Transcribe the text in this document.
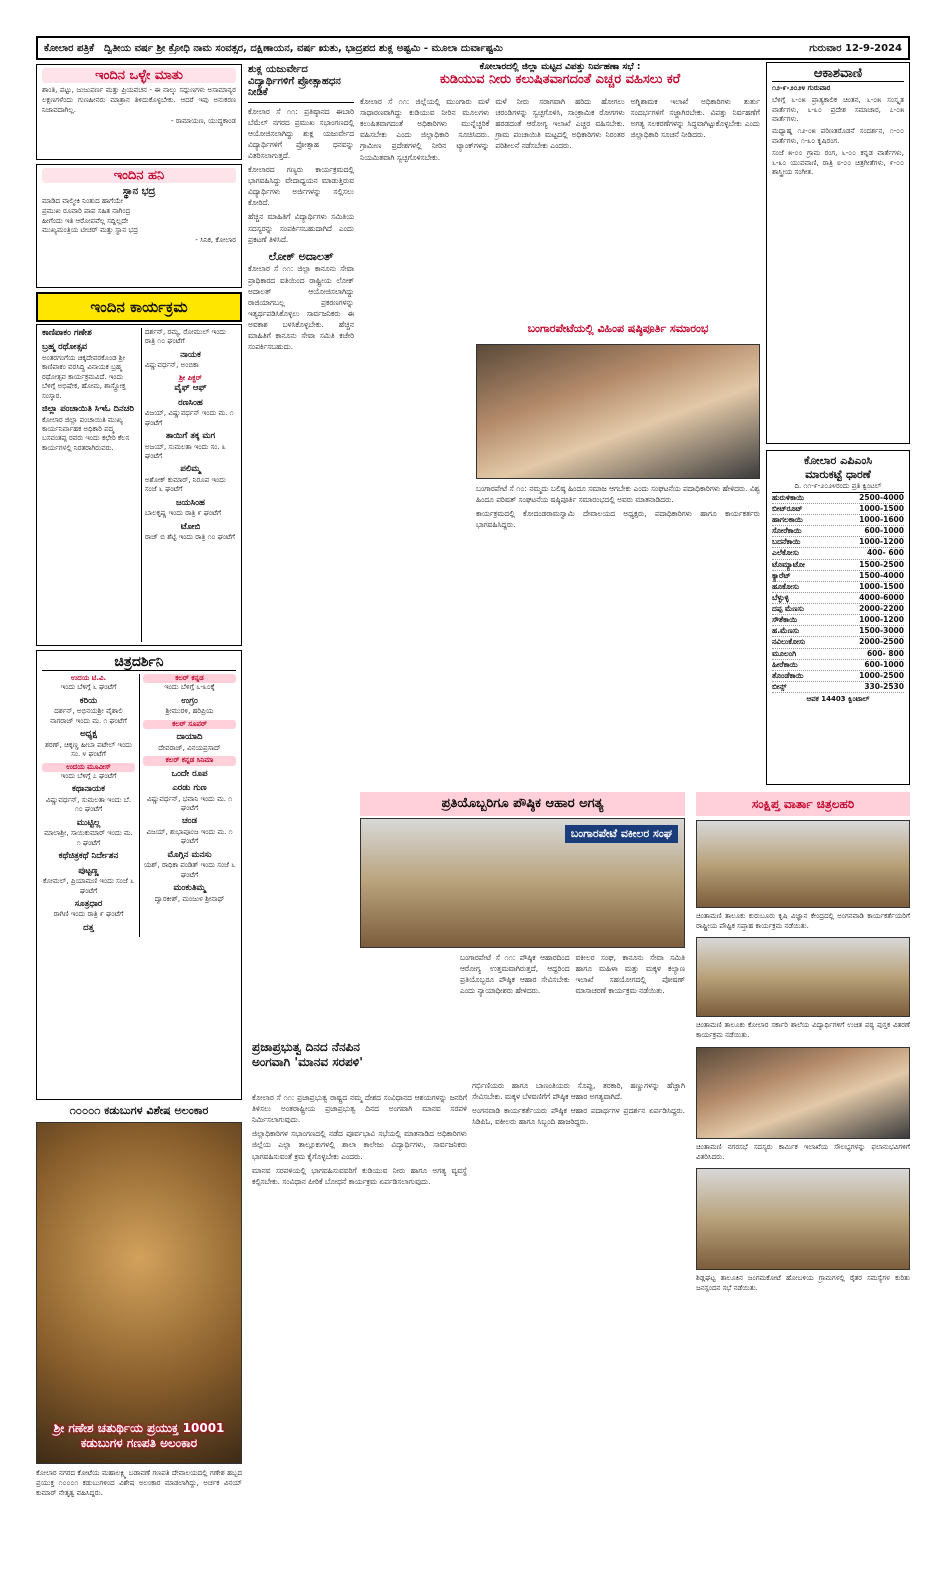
ಕೋಲಾರ ಪತ್ರಿಕೆ ದ್ವಿತೀಯ ವರ್ಷ ಶ್ರೀ ಕ್ರೋಧಿ ನಾಮ ಸಂವತ್ಸರ, ದಕ್ಷಿಣಾಯನ, ವರ್ಷ ಋತು, ಭಾದ್ರಪದ ಶುಕ್ಲ ಅಷ್ಟಮಿ - ಮೂಲಾ ದುರ್ವಾಷ್ಟಮಿ	ಗುರುವಾರ 12-9-2024
ಇಂದಿನ ಒಳ್ಳೇ ಮಾತು
ಶಾಂತಿ, ಪಟ್ಟು, ಜುಜುಪರ್ಣ ಮತ್ತು ಪ್ರಿಯವಚನ - ಈ ನಾಲ್ಕು ಸದ್ಗುಣಗಳು ಅಸಾಮಾನ್ಯರ ಲಕ್ಷಣಗಳೆಂದು ಗುಣಹೀನರು ಮಾತ್ರಾನ ತಿಳಿದುಕೊಳ್ಳಬೇಕು. ಆದರೆ ಇವು ಅನುಕರಣ ನಿಜಾವದಾಗಿಲ್ಲ.
- ರಾಮಾಯಣ, ಯುದ್ಧಕಾಂಡ
ಇಂದಿನ ಹನಿ
ಸ್ಥಾನ ಭದ್ರ
ಮಾಡಿದ ವಾಲ್ಮೀಕಿ ನಿಂತುದ ಹಾಗೆಯೇ
ಪ್ರಮುಖ ರೂವಾರಿ ಪಾಪ ಸಹಿತ ನಾಗಿಂದ್ರ
ಹೀಗೆಂದು ಇತಿ ಆರೋಪವೆಲ್ಲ ಸದ್ದಿಲ್ಲದೇ
ಮುಖ್ಯಮಂತ್ರಿಯ ಟೀಚರ್ ಮತ್ತು ಸ್ಥಾನ ಭದ್ರ
- ಸಿನಿಕ, ಕೋಲಾರ
ಇಂದಿನ ಕಾರ್ಯಕ್ರಮ
ಕಾಣಿಪಾಕಂ ಗಣೇಶ
ಬ್ರಹ್ಮ ರಥೋತ್ಸವ
ಅಂತರಗಂಗೆಯ ಚಿಕ್ಕದೇವರಕೊಂಡ ಶ್ರೀ ಕಾಣಿಪಾಕಂ ವರಸಿದ್ಧಿ ವಿನಾಯಕ ಬ್ರಹ್ಮ ರಥೋತ್ಸವ ಕಾರ್ಯಕ್ರಮವಿದೆ. ಇಂದು ಬೆಳಿಗ್ಗೆ ಅಭಿಷೇಕ, ಹೋಮ, ಶಾಸ್ತ್ರೋಕ್ತ ಸಂಸ್ಕಾರ.
ಜಿಲ್ಲಾ ಪಂಚಾಯಿತಿ ಸಿಇಓ ದಿನಚರಿ
ಕೋಲಾರ ಜಿಲ್ಲಾ ಪಂಚಾಯಿತಿ ಮುಖ್ಯ ಕಾರ್ಯನಿರ್ವಾಹಕ ಅಧಿಕಾರಿ ಪದ್ಮ ಬಸವಂತಪ್ಪ ರವರು ಇಂದು ಕಛೇರಿ ಕೆಲಸ ಕಾರ್ಯಗಳಲ್ಲಿ ನಿರತರಾಗಿರುವರು.
ದರ್ಶನ್, ರಮ್ಯ, ರೋಮುಲ್ ಇಂದು ರಾತ್ರಿ ೧೦ ಘಂಟೆಗೆ
ನಾಯಕ
ವಿಷ್ಣುವರ್ಧನ್, ಅಂಬಿಕಾ
ಶ್ರೀ ಪಿಕ್ಚರ್
ವೈಫ್ ಆಫ್
ರಣಸಿಂಹ
ವಿಜಯ್, ವಿಷ್ಣುವರ್ಧನ್ ಇಂದು ಮ. ೧ ಘಂಟೆಗೆ
ತಾಯಿಗೆ ತಕ್ಕ ಮಗ
ಅಜಯ್, ಸುಮಲತಾ ಇಂದು ಸಂ. ೩ ಘಂಟೆಗೆ
ಪಲಿಮ್ಮ
ಅಶೋಕ್ ಕುಮಾರ್, ನಿರೂಪ ಇಂದು ಸಂಜೆ ೬ ಘಂಟೆಗೆ
ಜಯಸಿಂಹ
ಬಾಲಕೃಷ್ಣ ಇಂದು ರಾತ್ರಿ ೯ ಘಂಟೆಗೆ
ಟೋಬಿ
ರಾಜ್ ಬಿ ಶೆಟ್ಟಿ ಇಂದು ರಾತ್ರಿ ೧೦ ಘಂಟೆಗೆ
ಚಿತ್ರದರ್ಶಿನಿ
ಉದಯ ಟಿ.ವಿ.
ಇಂದು ಬೆಳಿಗ್ಗೆ ೬ ಘಂಟೆಗೆ
ಕರಿಯ
ದರ್ಶನ್, ಅಭಿನಯಶ್ರೀ ವೈಶಾಲಿ ನಾಗರಾಜ್ ಇಂದು ಮ. ೧ ಘಂಟೆಗೆ
ಅಧ್ಯಕ್ಷ
ಶರಣ್, ಚಿಕ್ಕಣ್ಣ ಹೀಬಾ ಪಟೇಲ್ ಇಂದು ಸಂ. ೪ ಘಂಟೆಗೆ
ಉದಯ ಮೂವೀಸ್
ಇಂದು ಬೆಳಿಗ್ಗೆ ೭ ಘಂಟೆಗೆ
ಕಥಾನಾಯಕ
ವಿಷ್ಣುವರ್ಧನ್, ಸುಮಲತಾ ಇಂದು ಬೆ. ೧೦ ಘಂಟೆಗೆ
ಮುಟ್ಟಿಲ್ಲ
ಮಾಲಾಶ್ರೀ, ಸಾಯಿಕುಮಾರ್ ಇಂದು ಮ. ೧ ಘಂಟೆಗೆ
ಕಥೆಚಿತ್ರಕಥೆ ನಿರ್ದೇಶನ
ಪುಟ್ಟಣ್ಣ
ಕೋಮಲ್, ಪ್ರಿಯಾಮಣಿ ಇಂದು ಸಂಜೆ ೬ ಘಂಟೆಗೆ
ಸೂತ್ರಧಾರ
ರಾಗಿಣಿ ಇಂದು ರಾತ್ರಿ ೯ ಘಂಟೆಗೆ
ದತ್ತ
ಕಲರ್ ಕನ್ನಡ
ಇಂದು ಬೆಳಿಗ್ಗೆ ೬-೩೦ಕ್ಕೆ
ಉಗ್ರಂ
ಶ್ರೀಮುರಳಿ, ಹರಿಪ್ರಿಯ
ಕಲರ್ ಸೂಪರ್
ದಾಯಾದಿ
ದೇವರಾಜ್, ವಿನಯಪ್ರಸಾದ್
ಕಲರ್ ಕನ್ನಡ ಸಿನಿಮಾ
ಒಂದೇ ರೂಪ
ಎರಡು ಗುಣ
ವಿಷ್ಣುವರ್ಧನ್, ಭವಾನಿ ಇಂದು ಮ. ೧ ಘಂಟೆಗೆ
ಚಂಡ
ವಿಜಯ್, ಶುಭಾಪೂಂಜ ಇಂದು ಮ. ೧ ಘಂಟೆಗೆ
ಮೊಗ್ಗಿನ ಮನಸು
ಯಶ್, ರಾಧಿಕಾ ಪಂಡಿತ್ ಇಂದು ಸಂಜೆ ೬ ಘಂಟೆಗೆ
ಮಂಕುತಿಮ್ಮ
ದ್ವಾರಕೀಶ್, ಮಂಜುಳ ಶ್ರೀನಾಥ್
೧೦೦೦೧ ಕಡುಬುಗಳ ವಿಶೇಷ ಅಲಂಕಾರ
ಶ್ರೀ ಗಣೇಶ ಚತುರ್ಥಿಯ ಪ್ರಯುಕ್ತ 10001 ಕಡುಬುಗಳ ಗಣಪತಿ ಅಲಂಕಾರ
ಕೋಲಾರ ನಗರದ ಕೋಟೆಯ ಮಹಾಲಕ್ಷ್ಮಿ ಬಡಾವಣೆ ಗಣಪತಿ ದೇವಾಲಯದಲ್ಲಿ ಗಣೇಶ ಹಬ್ಬದ ಪ್ರಯುಕ್ತ ೧೦೦೦೧ ಕಡುಬುಗಳಿಂದ ವಿಶೇಷ ಅಲಂಕಾರ ಮಾಡಲಾಗಿದ್ದು, ಅರ್ಚಕ ವಿನಯ್ ಕುಮಾರ್ ನೇತೃತ್ವ ವಹಿಸಿದ್ದರು.
ಶುಕ್ಲ ಯಜುರ್ವೇದ ವಿದ್ಯಾರ್ಥಿಗಳಿಗೆ ಪ್ರೋತ್ಸಾಹಧನ ನೀಡಿಕೆ

ಕೋಲಾರ ಸೆ ೧೧: ಪ್ರತಿಷ್ಠಾನದ ಈಬಾರಿ ಬೆಮೆಲ್ ನಗರದ ಪ್ರಮುಖ ಸಭಾಂಗಣದಲ್ಲಿ ಆಯೋಜಿಸಲಾಗಿದ್ದು ಶುಕ್ಲ ಯಜುರ್ವೇದ ವಿದ್ಯಾರ್ಥಿಗಳಿಗೆ ಪ್ರೋತ್ಸಾಹ ಧನವನ್ನು ವಿತರಿಸಲಾಗುತ್ತದೆ.

ಕೋಲಾರದ ಗಣ್ಯರು ಕಾರ್ಯಕ್ರಮದಲ್ಲಿ ಭಾಗವಹಿಸಿದ್ದು ವೇದಾಧ್ಯಯನ ಮಾಡುತ್ತಿರುವ ವಿದ್ಯಾರ್ಥಿಗಳು ಅರ್ಜಿಗಳನ್ನು ಸಲ್ಲಿಸಲು ಕೋರಿದೆ.

ಹೆಚ್ಚಿನ ಮಾಹಿತಿಗೆ ವಿದ್ಯಾರ್ಥಿಗಳು ಸಮಿತಿಯ ಸದಸ್ಯರನ್ನು ಸಂಪರ್ಕಿಸಬಹುದಾಗಿದೆ ಎಂದು ಪ್ರಕಟಣೆ ತಿಳಿಸಿದೆ.

ಲೋಕ್ ಅದಾಲತ್

ಕೋಲಾರ ಸೆ ೧೧: ಜಿಲ್ಲಾ ಕಾನೂನು ಸೇವಾ ಪ್ರಾಧಿಕಾರದ ವತಿಯಿಂದ ರಾಷ್ಟ್ರೀಯ ಲೋಕ್ ಅದಾಲತ್ ಆಯೋಜಿಸಲಾಗಿದ್ದು ರಾಜಿಯಾಗಬಲ್ಲ ಪ್ರಕರಣಗಳನ್ನು ಇತ್ಯರ್ಥಪಡಿಸಿಕೊಳ್ಳಲು ಸಾರ್ವಜನಿಕರು ಈ ಅವಕಾಶ ಬಳಸಿಕೊಳ್ಳಬೇಕು. ಹೆಚ್ಚಿನ ಮಾಹಿತಿಗೆ ಕಾನೂನು ಸೇವಾ ಸಮಿತಿ ಕಚೇರಿ ಸಂಪರ್ಕಿಸಬಹುದು.

ಕೋಲಾರದಲ್ಲಿ ಜಿಲ್ಲಾ ಮಟ್ಟದ ವಿಪತ್ತು ನಿರ್ವಹಣಾ ಸಭೆ :
ಕುಡಿಯುವ ನೀರು ಕಲುಷಿತವಾಗದಂತೆ ಎಚ್ಚರ ವಹಿಸಲು ಕರೆ

ಕೋಲಾರ ಸೆ ೧೧: ಜಿಲ್ಲೆಯಲ್ಲಿ ಮುಂಗಾರು ಮಳೆ ಸಾಧಾರಣವಾಗಿದ್ದು ಕುಡಿಯುವ ನೀರಿನ ಮೂಲಗಳು ಕಲುಷಿತವಾಗದಂತೆ ಅಧಿಕಾರಿಗಳು ಮುನ್ನೆಚ್ಚರಿಕೆ ವಹಿಸಬೇಕು ಎಂದು ಜಿಲ್ಲಾಧಿಕಾರಿ ಸೂಚಿಸಿದರು. ಗ್ರಾಮೀಣ ಪ್ರದೇಶಗಳಲ್ಲಿ ನೀರಿನ ಟ್ಯಾಂಕ್‌ಗಳನ್ನು ನಿಯಮಿತವಾಗಿ ಸ್ವಚ್ಛಗೊಳಿಸಬೇಕು.

ಮಳೆ ನೀರು ಸರಾಗವಾಗಿ ಹರಿದು ಹೋಗಲು ಚರಂಡಿಗಳನ್ನು ಸ್ವಚ್ಛಗೊಳಿಸಿ, ಸಾಂಕ್ರಾಮಿಕ ರೋಗಗಳು ಹರಡದಂತೆ ಆರೋಗ್ಯ ಇಲಾಖೆ ಎಚ್ಚರ ವಹಿಸಬೇಕು. ಗ್ರಾಮ ಪಂಚಾಯಿತಿ ಮಟ್ಟದಲ್ಲಿ ಅಧಿಕಾರಿಗಳು ನಿರಂತರ ಪರಿಶೀಲನೆ ನಡೆಸಬೇಕು ಎಂದರು.

ಅಗ್ನಿಶಾಮಕ ಇಲಾಖೆ ಅಧಿಕಾರಿಗಳು ತುರ್ತು ಸಂದರ್ಭಗಳಿಗೆ ಸಜ್ಜಾಗಿರಬೇಕು. ವಿಪತ್ತು ನಿರ್ವಹಣೆಗೆ ಅಗತ್ಯ ಸಲಕರಣೆಗಳನ್ನು ಸಿದ್ಧವಾಗಿಟ್ಟುಕೊಳ್ಳಬೇಕು ಎಂದು ಜಿಲ್ಲಾಧಿಕಾರಿ ಸೂಚನೆ ನೀಡಿದರು.

ಬಂಗಾರಪೇಟೆಯಲ್ಲಿ ವಿಹಿಂಪ ಷಷ್ಠಿಪೂರ್ತಿ ಸಮಾರಂಭ

ಬಂಗಾರಪೇಟೆ ಸೆ ೧೦: ನಮ್ಮದು ಬಲಿಷ್ಠ ಹಿಂದೂ ಸಮಾಜ ಆಗಬೇಕು ಎಂದು ಸಂಘಟನೆಯ ಪದಾಧಿಕಾರಿಗಳು ಹೇಳಿದರು. ವಿಶ್ವ ಹಿಂದೂ ಪರಿಷತ್ ಸಂಘಟನೆಯ ಷಷ್ಠಿಪೂರ್ತಿ ಸಮಾರಂಭದಲ್ಲಿ ಅವರು ಮಾತನಾಡಿದರು.

ಕಾರ್ಯಕ್ರಮದಲ್ಲಿ ಕೋದಂಡರಾಮಸ್ವಾಮಿ ದೇವಾಲಯದ ಅಧ್ಯಕ್ಷರು, ಪದಾಧಿಕಾರಿಗಳು ಹಾಗೂ ಕಾರ್ಯಕರ್ತರು ಭಾಗವಹಿಸಿದ್ದರು.

ಪ್ರತಿಯೊಬ್ಬರಿಗೂ ಪೌಷ್ಠಿಕ ಆಹಾರ ಅಗತ್ಯ
ಬಂಗಾರಪೇಟೆ ವಕೀಲರ ಸಂಘ

ಬಂಗಾರಪೇಟೆ ಸೆ ೧೧: ಪೌಷ್ಠಿಕ ಆಹಾರದಿಂದ ಆರೋಗ್ಯ ಉತ್ತಮವಾಗಿರುತ್ತದೆ, ಆದ್ದರಿಂದ ಪ್ರತಿಯೊಬ್ಬರೂ ಪೌಷ್ಠಿಕ ಆಹಾರ ಸೇವಿಸಬೇಕು ಎಂದು ನ್ಯಾಯಾಧೀಶರು ಹೇಳಿದರು.

ವಕೀಲರ ಸಂಘ, ಕಾನೂನು ಸೇವಾ ಸಮಿತಿ ಹಾಗೂ ಮಹಿಳಾ ಮತ್ತು ಮಕ್ಕಳ ಕಲ್ಯಾಣ ಇಲಾಖೆ ಸಹಯೋಗದಲ್ಲಿ ಪೋಷಣ್ ಮಾಸಾಚರಣೆ ಕಾರ್ಯಕ್ರಮ ನಡೆಯಿತು.

ಪ್ರಜಾಪ್ರಭುತ್ವ ದಿನದ ನೆನಪಿನ
ಅಂಗವಾಗಿ 'ಮಾನವ ಸರಪಳಿ'

ಕೋಲಾರ ಸೆ ೧೧: ಪ್ರಜಾಪ್ರಭುತ್ವ ರಾಷ್ಟ್ರದ ನಮ್ಮ ದೇಶದ ಸಂವಿಧಾನದ ಆಶಯಗಳನ್ನು ಜನರಿಗೆ ತಿಳಿಸಲು ಅಂತರಾಷ್ಟ್ರೀಯ ಪ್ರಜಾಪ್ರಭುತ್ವ ದಿನದ ಅಂಗವಾಗಿ ಮಾನವ ಸರಪಳಿ ನಿರ್ಮಿಸಲಾಗುವುದು.

ಜಿಲ್ಲಾಧಿಕಾರಿಗಳ ಸಭಾಂಗಣದಲ್ಲಿ ನಡೆದ ಪೂರ್ವಭಾವಿ ಸಭೆಯಲ್ಲಿ ಮಾತನಾಡಿದ ಅಧಿಕಾರಿಗಳು ಜಿಲ್ಲೆಯ ಎಲ್ಲಾ ತಾಲ್ಲೂಕುಗಳಲ್ಲಿ ಶಾಲಾ ಕಾಲೇಜು ವಿದ್ಯಾರ್ಥಿಗಳು, ಸಾರ್ವಜನಿಕರು ಭಾಗವಹಿಸುವಂತೆ ಕ್ರಮ ಕೈಗೊಳ್ಳಬೇಕು ಎಂದರು.

ಮಾನವ ಸರಪಳಿಯಲ್ಲಿ ಭಾಗವಹಿಸುವವರಿಗೆ ಕುಡಿಯುವ ನೀರು ಹಾಗೂ ಅಗತ್ಯ ವ್ಯವಸ್ಥೆ ಕಲ್ಪಿಸಬೇಕು. ಸಂವಿಧಾನ ಪೀಠಿಕೆ ಬೋಧನೆ ಕಾರ್ಯಕ್ರಮ ಏರ್ಪಡಿಸಲಾಗುವುದು.

ಗರ್ಭಿಣಿಯರು ಹಾಗೂ ಬಾಣಂತಿಯರು ಸೊಪ್ಪು, ತರಕಾರಿ, ಹಣ್ಣುಗಳನ್ನು ಹೆಚ್ಚಾಗಿ ಸೇವಿಸಬೇಕು. ಮಕ್ಕಳ ಬೆಳವಣಿಗೆಗೆ ಪೌಷ್ಠಿಕ ಆಹಾರ ಅಗತ್ಯವಾಗಿದೆ.

ಅಂಗನವಾಡಿ ಕಾರ್ಯಕರ್ತೆಯರು ಪೌಷ್ಠಿಕ ಆಹಾರ ಪದಾರ್ಥಗಳ ಪ್ರದರ್ಶನ ಏರ್ಪಡಿಸಿದ್ದರು. ಸಿಡಿಪಿಓ, ವಕೀಲರು ಹಾಗೂ ಸಿಬ್ಬಂದಿ ಹಾಜರಿದ್ದರು.

ಆಕಾಶವಾಣಿ
೧೨-೯-೨೦೨೪ ಗುರುವಾರ
ಬೆಳಿಗ್ಗೆ ೬-೦೫ ಪ್ರಾತ್ಯಕಾಲಿಕ ಚಿಂತನ, ೬-೦೫ ಸಂಸ್ಕೃತ ವಾರ್ತೆಗಳು, ೬-೩೦ ಪ್ರದೇಶ ಸಮಾಚಾರ, ೭-೦೫ ವಾರ್ತೆಗಳು.
ಮಧ್ಯಾಹ್ನ ೧೨-೦೫ ಪರಿಣತರೊಡನೆ ಸಂದರ್ಶನ, ೧-೦೦ ವಾರ್ತೆಗಳು, ೧-೩೦ ಕೃಷಿರಂಗ.
ಸಂಜೆ ೫-೦೦ ಗ್ರಾಮ ರಂಗ, ೬-೦೦ ಕನ್ನಡ ವಾರ್ತೆಗಳು, ೬-೩೦ ಯುವವಾಣಿ, ರಾತ್ರಿ ೮-೦೦ ಚಿತ್ರಗೀತೆಗಳು, ೯-೦೦ ಶಾಸ್ತ್ರೀಯ ಸಂಗೀತ.
ಕೋಲಾರ ಎಪಿಎಂಸಿ
ಮಾರುಕಟ್ಟೆ ಧಾರಣೆ
ದಿ. ೧೧-೯-೨೦೨೪ರಂದು ಪ್ರತಿ ಕ್ವಿಂಟಲ್
ಹುರುಳಿಕಾಯಿ	2500-4000
ಬೀಟ್‌ರೂಟ್	1000-1500
ಹಾಗಲಕಾಯಿ	1000-1600
ಸೋರೆಕಾಯಿ	600-1000
ಬದನೆಕಾಯಿ	1000-1200
ಎಲೆಕೋಸು	400- 600
ಟೊಮ್ಯಾಟೋ	1500-2500
ಕ್ಯಾರೆಟ್	1500-4000
ಹೂಕೋಸು	1000-1500
ಬೆಳ್ಳುಳ್ಳಿ	4000-6000
ದಪ್ಪ ಮೆಣಸು	2000-2200
ಸೌತೆಕಾಯಿ	1000-1200
ಹ.ಮೆಣಸು	1500-3000
ನವಿಲುಕೋಸು	2000-2500
ಮೂಲಂಗಿ	600- 800
ಹೀರೆಕಾಯಿ	600-1000
ತೊಂಡೆಕಾಯಿ	1000-2500
ಬೀನ್ಸ್	330-2530
ಆವಕ 14403 ಕ್ವಿಂಟಾಲ್
ಸಂಕ್ಷಿಪ್ತ ವಾರ್ತಾ ಚಿತ್ರಲಹರಿ
ಚಿಂತಾಮಣಿ ತಾಲೂಕು ಕುರುಬೂರು ಕೃಷಿ ವಿಜ್ಞಾನ ಕೇಂದ್ರದಲ್ಲಿ ಅಂಗನವಾಡಿ ಕಾರ್ಯಕರ್ತೆಯರಿಗೆ ರಾಷ್ಟ್ರೀಯ ಪೌಷ್ಟಿಕ ಸಪ್ತಾಹ ಕಾರ್ಯಕ್ರಮ ನಡೆಯಿತು.
ಚಿಂತಾಮಣಿ ತಾಲೂಕು ಕೋಲಾರ ಸರ್ಕಾರಿ ಶಾಲೆಯ ವಿದ್ಯಾರ್ಥಿಗಳಿಗೆ ಉಚಿತ ಪಠ್ಯ ಪುಸ್ತಕ ವಿತರಣೆ ಕಾರ್ಯಕ್ರಮ ನಡೆಯಿತು.
ಚಿಂತಾಮಣಿ ನಗರಸಭೆ ಸದಸ್ಯರು ಕಾರ್ಮಿಕ ಇಲಾಖೆಯ ಸೌಲಭ್ಯಗಳನ್ನು ಫಲಾನುಭವಿಗಳಿಗೆ ವಿತರಿಸಿದರು.
ಶಿಡ್ಲಘಟ್ಟ ತಾಲೂಕಿನ ಜಂಗಮಕೋಟೆ ಹೋಬಳಿಯ ಗ್ರಾಮಗಳಲ್ಲಿ ರೈತರ ಸಮಸ್ಯೆಗಳ ಕುರಿತು ಜನಸ್ಪಂದನ ಸಭೆ ನಡೆಯಿತು.
